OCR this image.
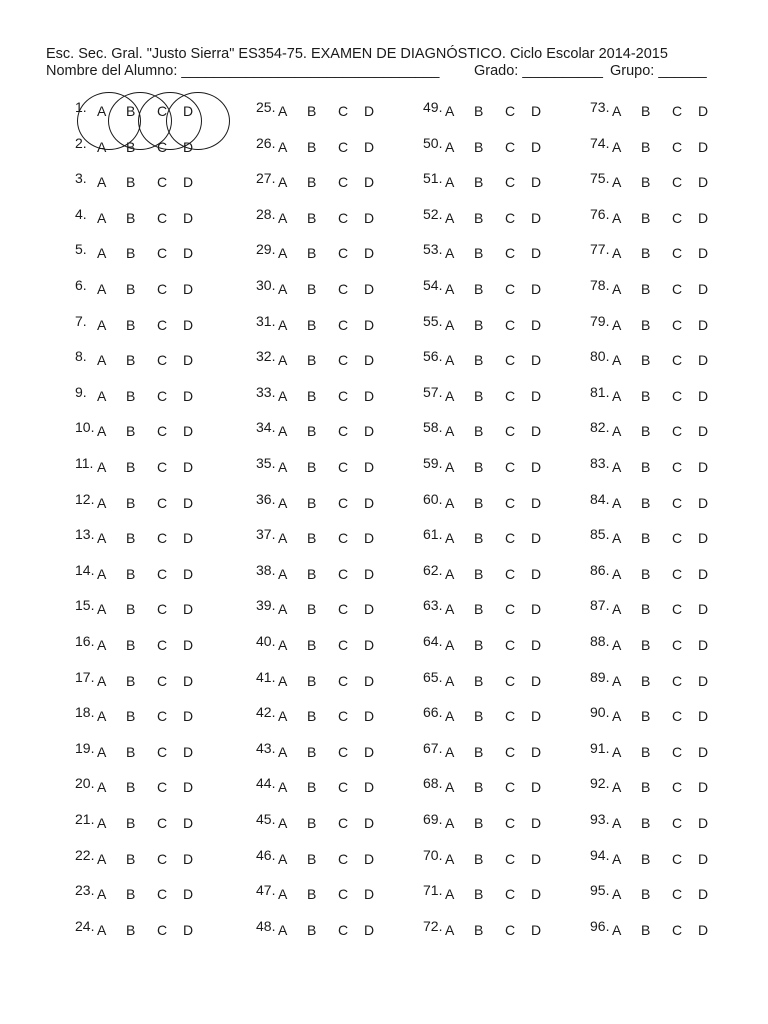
Esc. Sec. Gral. "Justo Sierra" ES354-75. EXAMEN DE DIAGNÓSTICO. Ciclo Escolar 2014-2015
Nombre del Alumno: ________________________________ Grado: __________ Grupo: ______
1. A B C D
2. A B C D
3. A B C D
4. A B C D
5. A B C D
6. A B C D
7. A B C D
8. A B C D
9. A B C D
10. A B C D
11. A B C D
12. A B C D
13. A B C D
14. A B C D
15. A B C D
16. A B C D
17. A B C D
18. A B C D
19. A B C D
20. A B C D
21. A B C D
22. A B C D
23. A B C D
24. A B C D
25. A B C D
26. A B C D
27. A B C D
28. A B C D
29. A B C D
30. A B C D
31. A B C D
32. A B C D
33. A B C D
34. A B C D
35. A B C D
36. A B C D
37. A B C D
38. A B C D
39. A B C D
40. A B C D
41. A B C D
42. A B C D
43. A B C D
44. A B C D
45. A B C D
46. A B C D
47. A B C D
48. A B C D
49. A B C D
50. A B C D
51. A B C D
52. A B C D
53. A B C D
54. A B C D
55. A B C D
56. A B C D
57. A B C D
58. A B C D
59. A B C D
60. A B C D
61. A B C D
62. A B C D
63. A B C D
64. A B C D
65. A B C D
66. A B C D
67. A B C D
68. A B C D
69. A B C D
70. A B C D
71. A B C D
72. A B C D
73. A B C D
74. A B C D
75. A B C D
76. A B C D
77. A B C D
78. A B C D
79. A B C D
80. A B C D
81. A B C D
82. A B C D
83. A B C D
84. A B C D
85. A B C D
86. A B C D
87. A B C D
88. A B C D
89. A B C D
90. A B C D
91. A B C D
92. A B C D
93. A B C D
94. A B C D
95. A B C D
96. A B C D
